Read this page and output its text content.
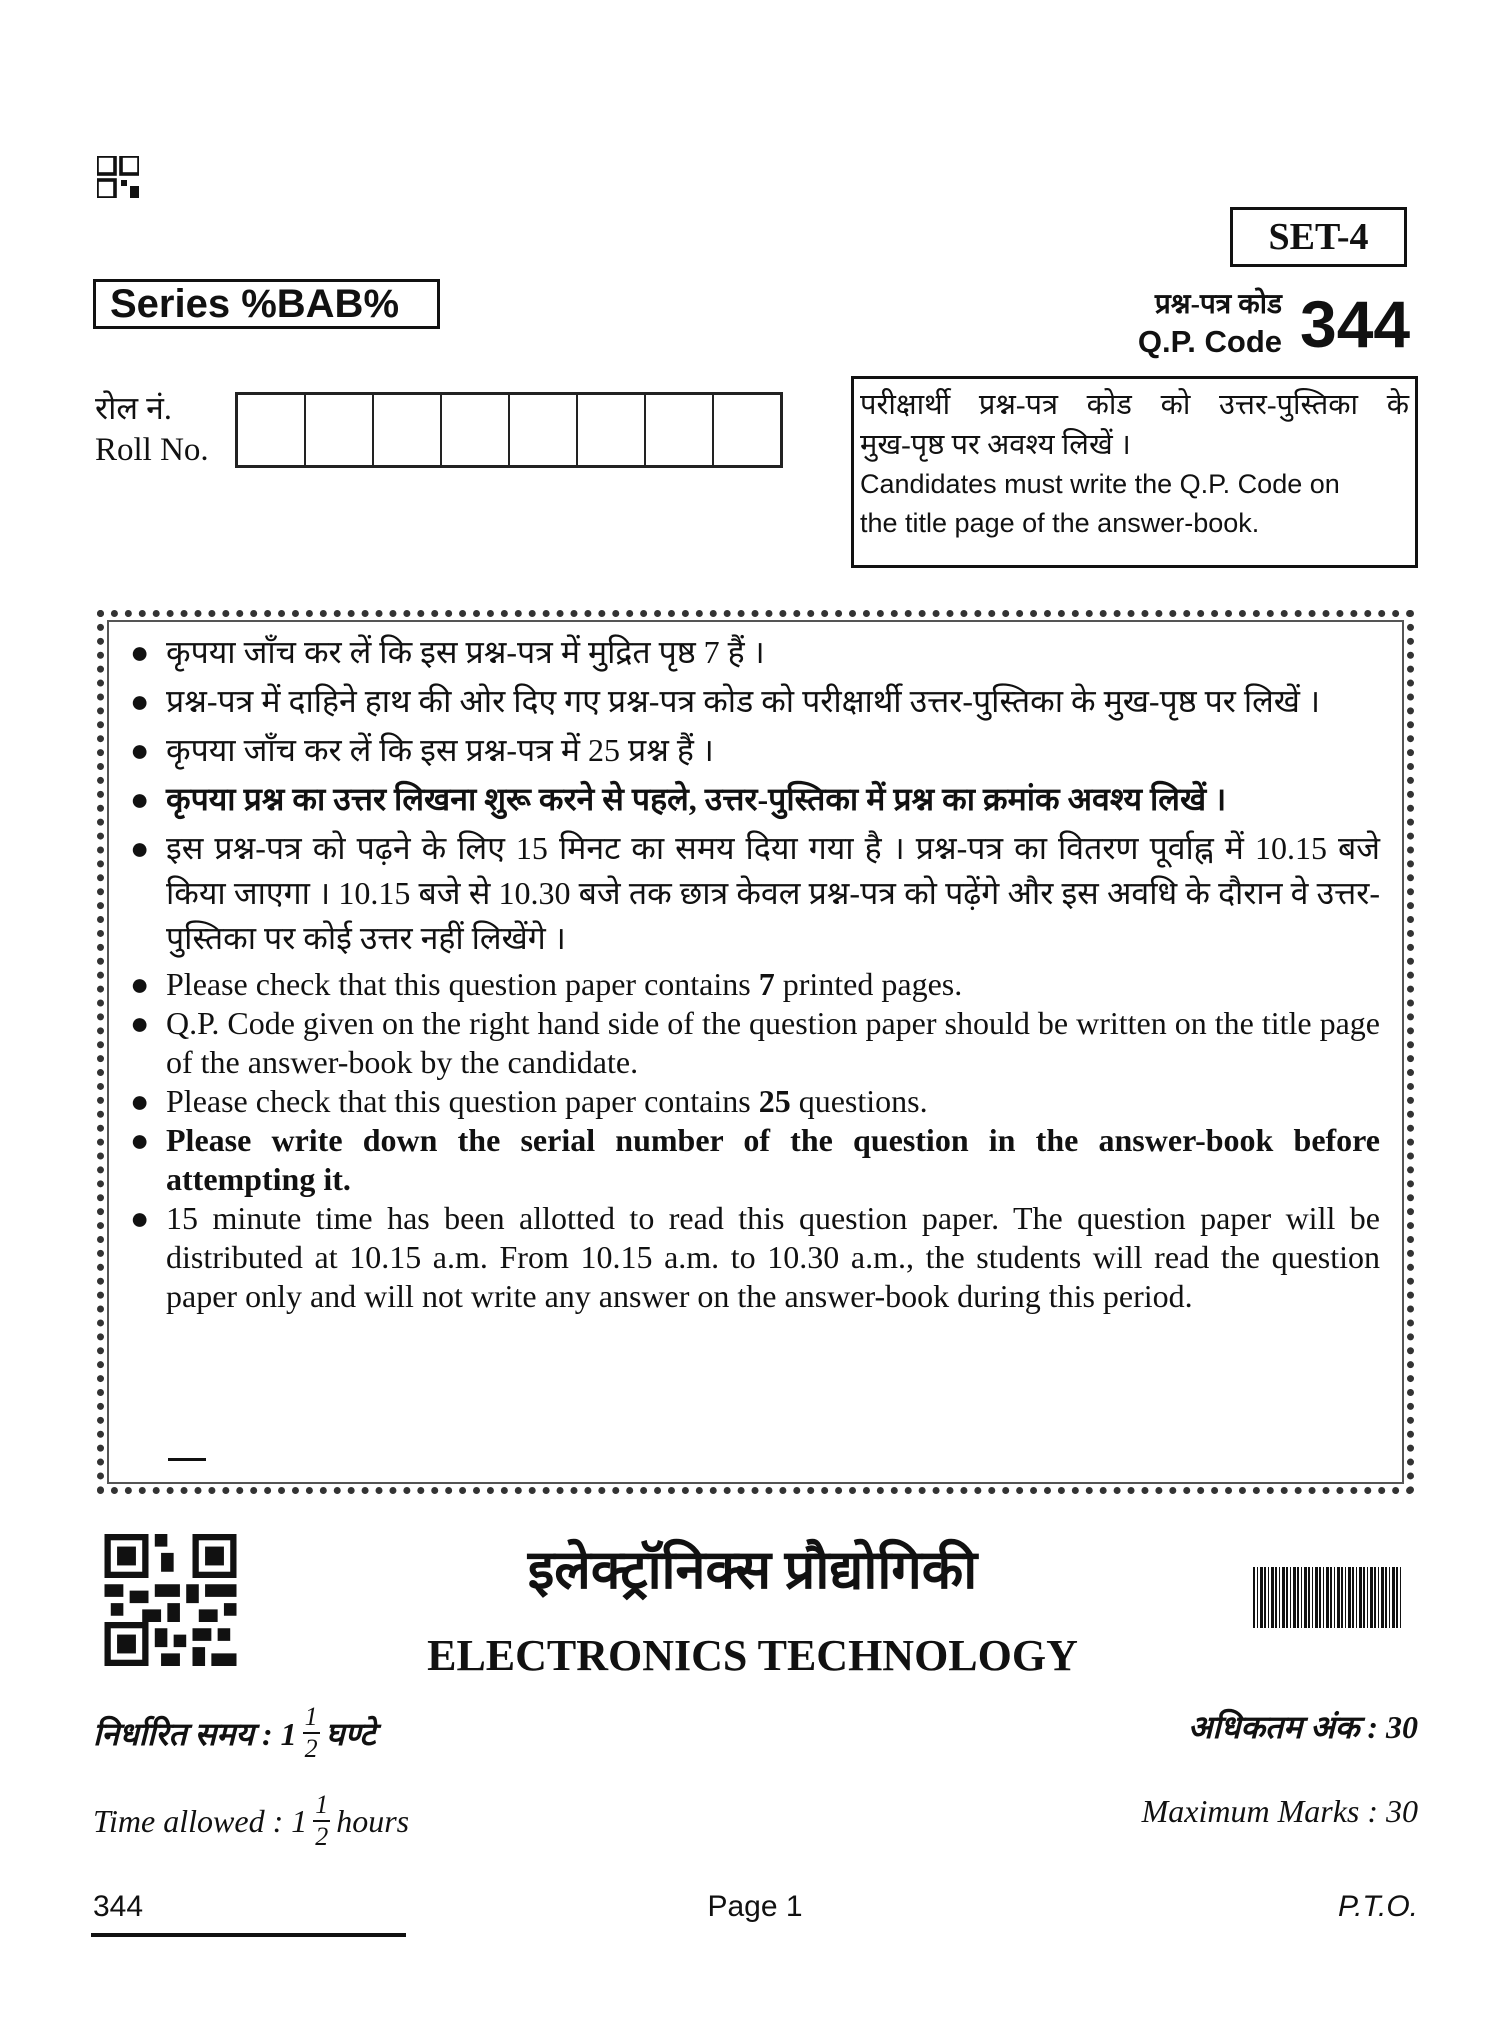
SET-4
Series %BAB%	प्रश्न-पत्र कोड
Q.P. Code 344
रोल नं.
Roll No.
परीक्षार्थी प्रश्न-पत्र कोड को उत्तर-पुस्तिका के
मुख-पृष्ठ पर अवश्य लिखें ।
Candidates must write the Q.P. Code on
the title page of the answer-book.
● कृपया जाँच कर लें कि इस प्रश्न-पत्र में मुद्रित पृष्ठ 7 हैं ।
● प्रश्न-पत्र में दाहिने हाथ की ओर दिए गए प्रश्न-पत्र कोड को परीक्षार्थी उत्तर-पुस्तिका के मुख-पृष्ठ पर लिखें ।
● कृपया जाँच कर लें कि इस प्रश्न-पत्र में 25 प्रश्न हैं ।
● कृपया प्रश्न का उत्तर लिखना शुरू करने से पहले, उत्तर-पुस्तिका में प्रश्न का क्रमांक अवश्य लिखें ।
● इस प्रश्न-पत्र को पढ़ने के लिए 15 मिनट का समय दिया गया है । प्रश्न-पत्र का वितरण पूर्वाह्न में 10.15 बजे किया जाएगा । 10.15 बजे से 10.30 बजे तक छात्र केवल प्रश्न-पत्र को पढ़ेंगे और इस अवधि के दौरान वे उत्तर-पुस्तिका पर कोई उत्तर नहीं लिखेंगे ।
● Please check that this question paper contains 7 printed pages.
● Q.P. Code given on the right hand side of the question paper should be written on the title page of the answer-book by the candidate.
● Please check that this question paper contains 25 questions.
● Please write down the serial number of the question in the answer-book before attempting it.
● 15 minute time has been allotted to read this question paper. The question paper will be distributed at 10.15 a.m. From 10.15 a.m. to 10.30 a.m., the students will read the question paper only and will not write any answer on the answer-book during this period.
इलेक्ट्रॉनिक्स प्रौद्योगिकी
ELECTRONICS TECHNOLOGY
निर्धारित समय : $1 \frac{1}{2}$ घण्टे
Time allowed : $1 \frac{1}{2}$ hours
अधिकतम अंक : 30
Maximum Marks : 30
344	Page 1	P.T.O.
